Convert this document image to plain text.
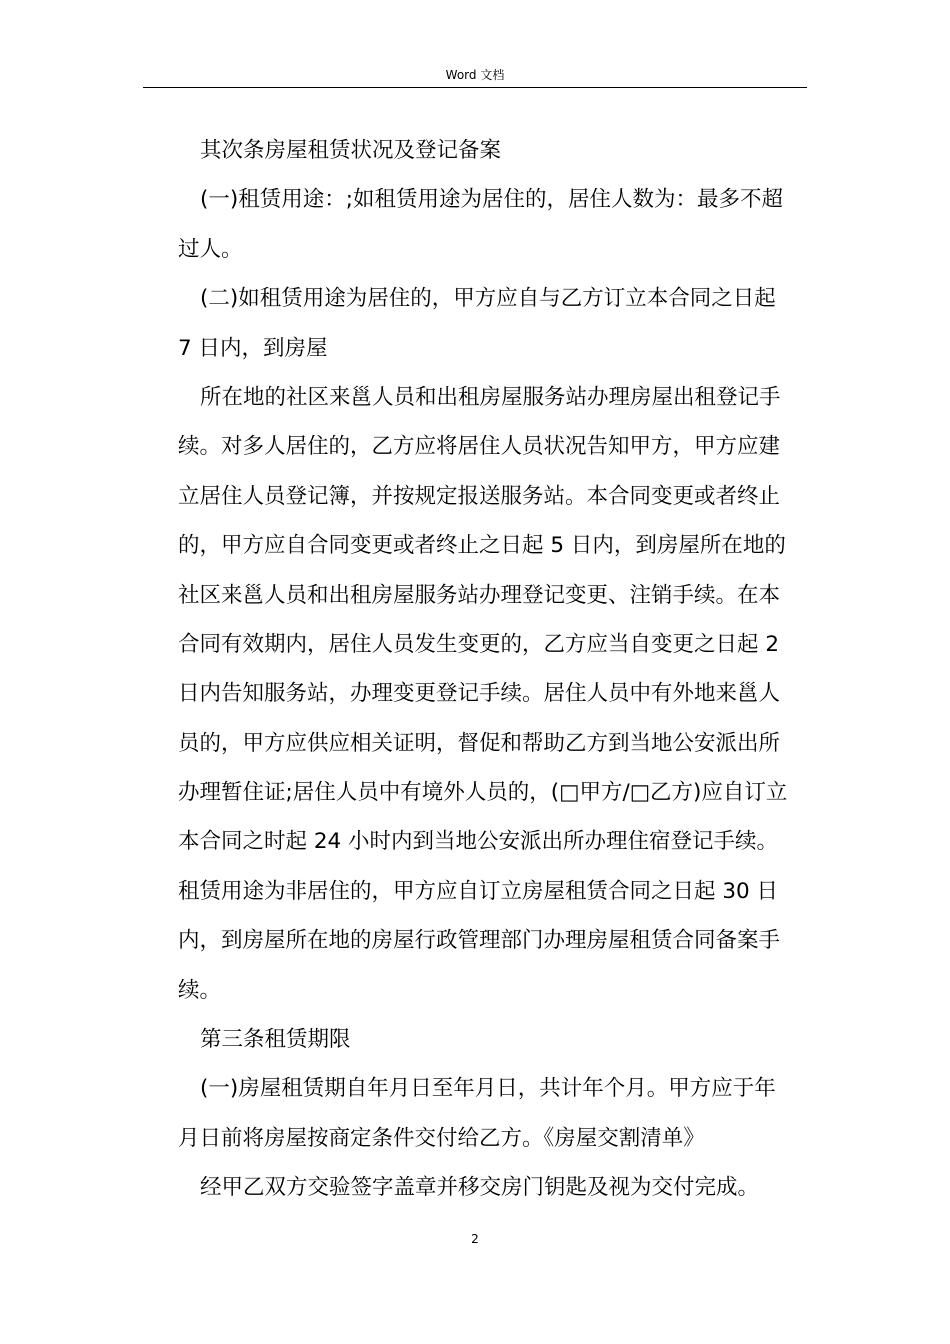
Word 文档
其次条房屋租赁状况及登记备案
(一)租赁用途：;如租赁用途为居住的，居住人数为：最多不超
过人。
(二)如租赁用途为居住的，甲方应自与乙方订立本合同之日起
7 日内，到房屋
所在地的社区来邕人员和出租房屋服务站办理房屋出租登记手
续。对多人居住的，乙方应将居住人员状况告知甲方，甲方应建
立居住人员登记簿，并按规定报送服务站。本合同变更或者终止
的，甲方应自合同变更或者终止之日起 5 日内，到房屋所在地的
社区来邕人员和出租房屋服务站办理登记变更、注销手续。在本
合同有效期内，居住人员发生变更的，乙方应当自变更之日起 2
日内告知服务站，办理变更登记手续。居住人员中有外地来邕人
员的，甲方应供应相关证明，督促和帮助乙方到当地公安派出所
办理暂住证;居住人员中有境外人员的，(□甲方/□乙方)应自订立
本合同之时起 24 小时内到当地公安派出所办理住宿登记手续。
租赁用途为非居住的，甲方应自订立房屋租赁合同之日起 30 日
内，到房屋所在地的房屋行政管理部门办理房屋租赁合同备案手
续。
第三条租赁期限
(一)房屋租赁期自年月日至年月日，共计年个月。甲方应于年
月日前将房屋按商定条件交付给乙方。《房屋交割清单》
经甲乙双方交验签字盖章并移交房门钥匙及视为交付完成。
2
